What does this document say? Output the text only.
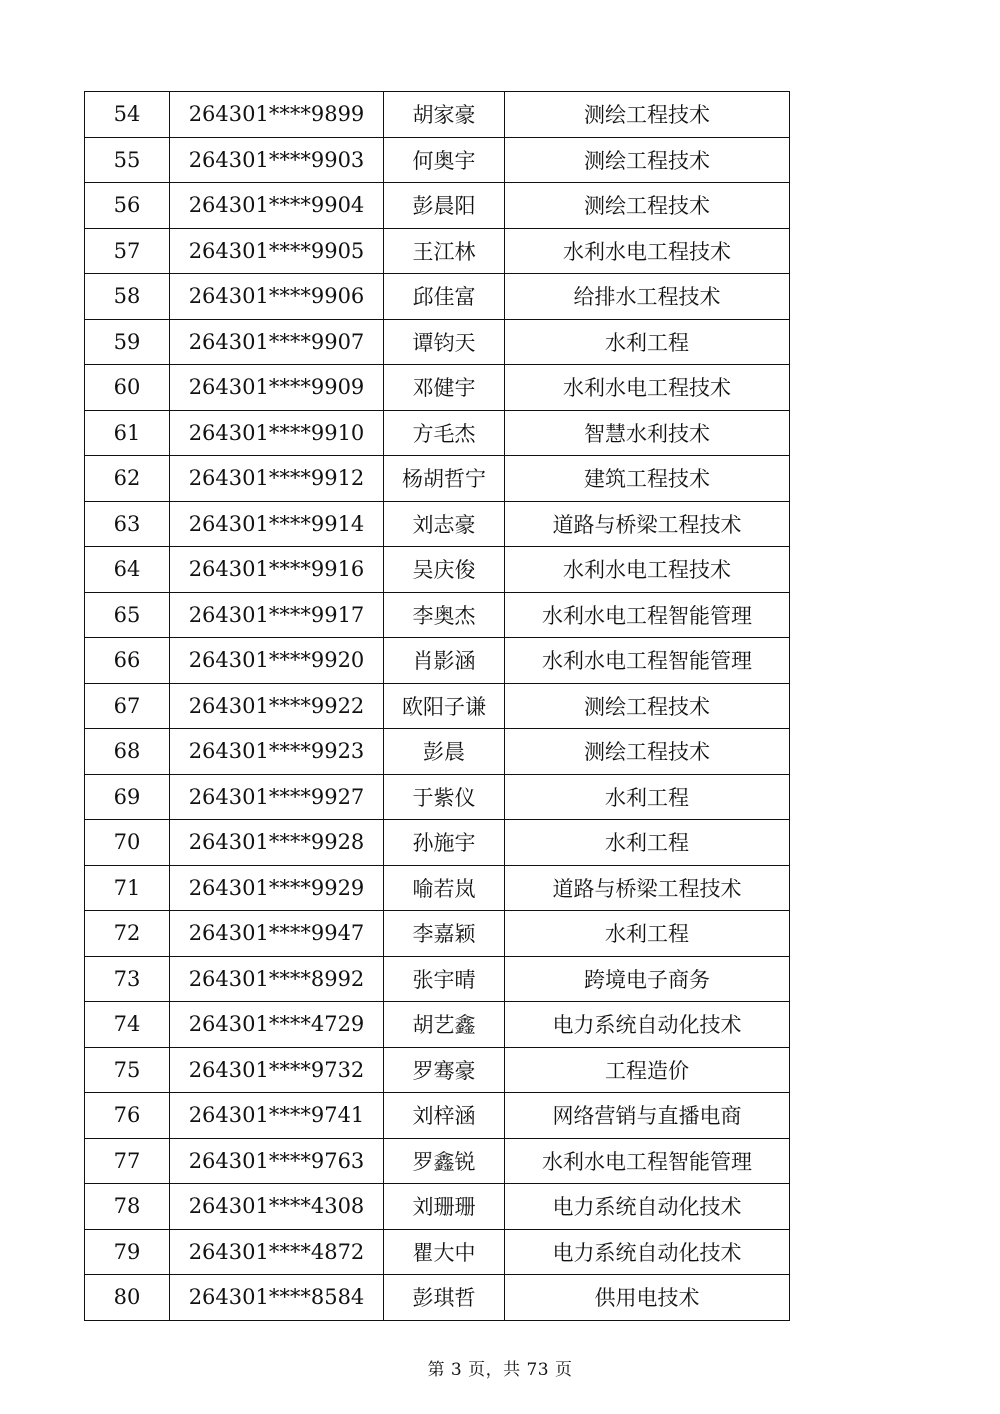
54	264301****9899	胡家豪	测绘工程技术
55	264301****9903	何奥宇	测绘工程技术
56	264301****9904	彭晨阳	测绘工程技术
57	264301****9905	王江林	水利水电工程技术
58	264301****9906	邱佳富	给排水工程技术
59	264301****9907	谭钧天	水利工程
60	264301****9909	邓健宇	水利水电工程技术
61	264301****9910	方毛杰	智慧水利技术
62	264301****9912	杨胡哲宁	建筑工程技术
63	264301****9914	刘志豪	道路与桥梁工程技术
64	264301****9916	吴庆俊	水利水电工程技术
65	264301****9917	李奥杰	水利水电工程智能管理
66	264301****9920	肖影涵	水利水电工程智能管理
67	264301****9922	欧阳子谦	测绘工程技术
68	264301****9923	彭晨	测绘工程技术
69	264301****9927	于紫仪	水利工程
70	264301****9928	孙施宇	水利工程
71	264301****9929	喻若岚	道路与桥梁工程技术
72	264301****9947	李嘉颖	水利工程
73	264301****8992	张宇晴	跨境电子商务
74	264301****4729	胡艺鑫	电力系统自动化技术
75	264301****9732	罗骞豪	工程造价
76	264301****9741	刘梓涵	网络营销与直播电商
77	264301****9763	罗鑫锐	水利水电工程智能管理
78	264301****4308	刘珊珊	电力系统自动化技术
79	264301****4872	瞿大中	电力系统自动化技术
80	264301****8584	彭琪哲	供用电技术
第 3 页，共 73 页
